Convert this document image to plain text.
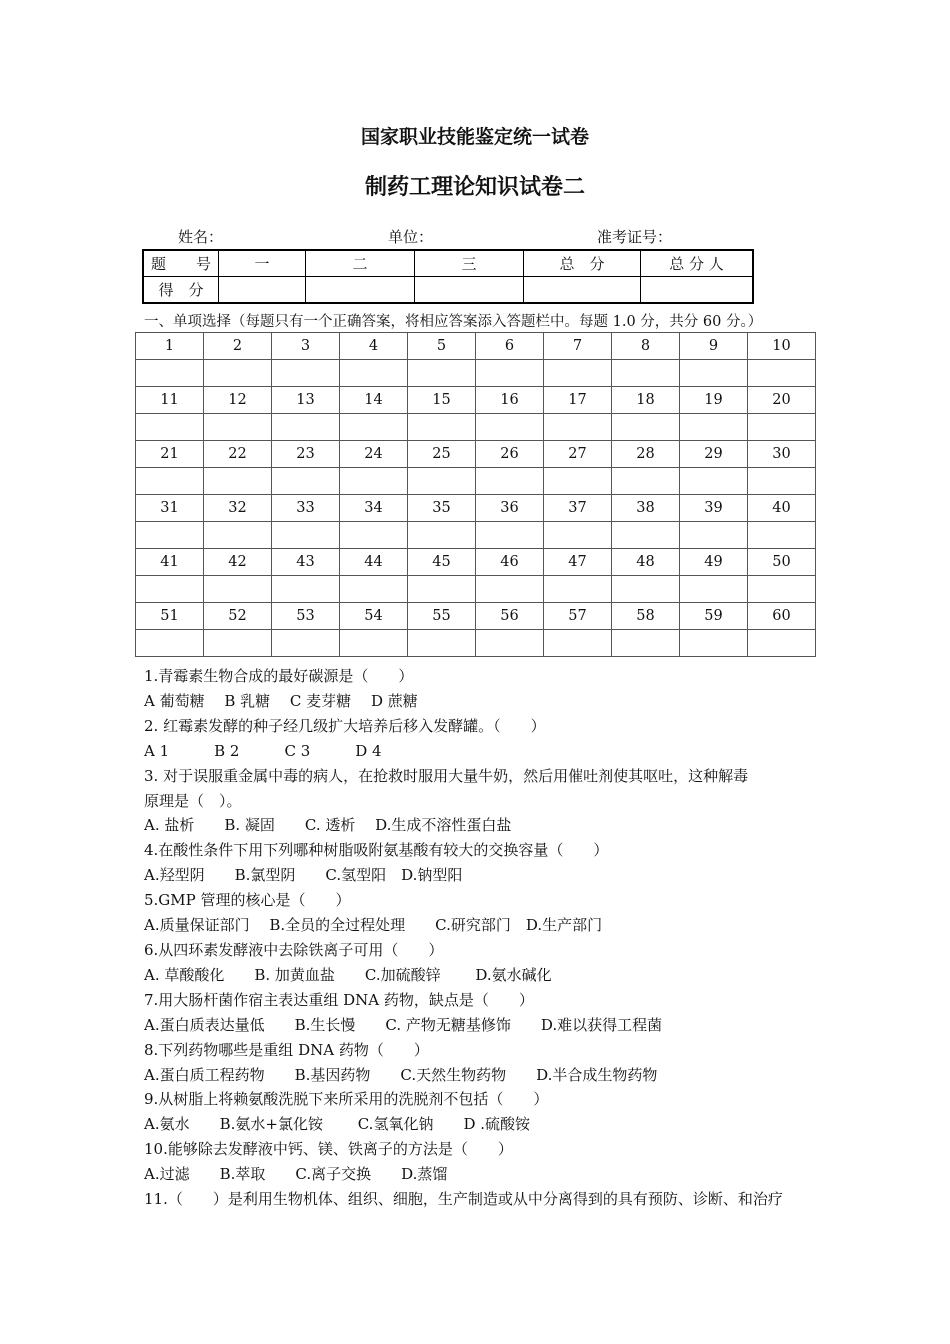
国家职业技能鉴定统一试卷
制药工理论知识试卷二
姓名：	单位：	准考证号：
题　　号	一	二	三	总　分	总 分 人
得　分					
一、单项选择（每题只有一个正确答案，将相应答案添入答题栏中。每题 1.0 分，共分 60 分。）
1	2	3	4	5	6	7	8	9	10

11	12	13	14	15	16	17	18	19	20

21	22	23	24	25	26	27	28	29	30

31	32	33	34	35	36	37	38	39	40

41	42	43	44	45	46	47	48	49	50

51	52	53	54	55	56	57	58	59	60

1.青霉素生物合成的最好碳源是（　　）
A 葡萄糖　 B 乳糖　 C 麦芽糖　 D 蔗糖
2. 红霉素发酵的种子经几级扩大培养后移入发酵罐。（　　）
A 1　　　B 2　　　C 3　　　D 4
3. 对于误服重金属中毒的病人，在抢救时服用大量牛奶，然后用催吐剂使其呕吐，这种解毒
原理是（　）。
A. 盐析　　B. 凝固　　C. 透析　 D.生成不溶性蛋白盐
4.在酸性条件下用下列哪种树脂吸附氨基酸有较大的交换容量（　　）
A.羟型阴　　B.氯型阴　　C.氢型阳　D.钠型阳
5.GMP 管理的核心是（　　）
A.质量保证部门　 B.全员的全过程处理　　C.研究部门　D.生产部门
6.从四环素发酵液中去除铁离子可用（　　）
A. 草酸酸化　　B. 加黄血盐　　C.加硫酸锌　　 D.氨水碱化
7.用大肠杆菌作宿主表达重组 DNA 药物，缺点是（　　）
A.蛋白质表达量低　　B.生长慢　　C. 产物无糖基修饰　　D.难以获得工程菌
8.下列药物哪些是重组 DNA 药物（　　）
A.蛋白质工程药物　　B.基因药物　　C.天然生物药物　　D.半合成生物药物
9.从树脂上将赖氨酸洗脱下来所采用的洗脱剂不包括（　　）
A.氨水　　B.氨水+氯化铵　　 C.氢氧化钠　　D .硫酸铵
10.能够除去发酵液中钙、镁、铁离子的方法是（　　）
A.过滤　　B.萃取　　C.离子交换　　D.蒸馏
11.（　　）是利用生物机体、组织、细胞，生产制造或从中分离得到的具有预防、诊断、和治疗
